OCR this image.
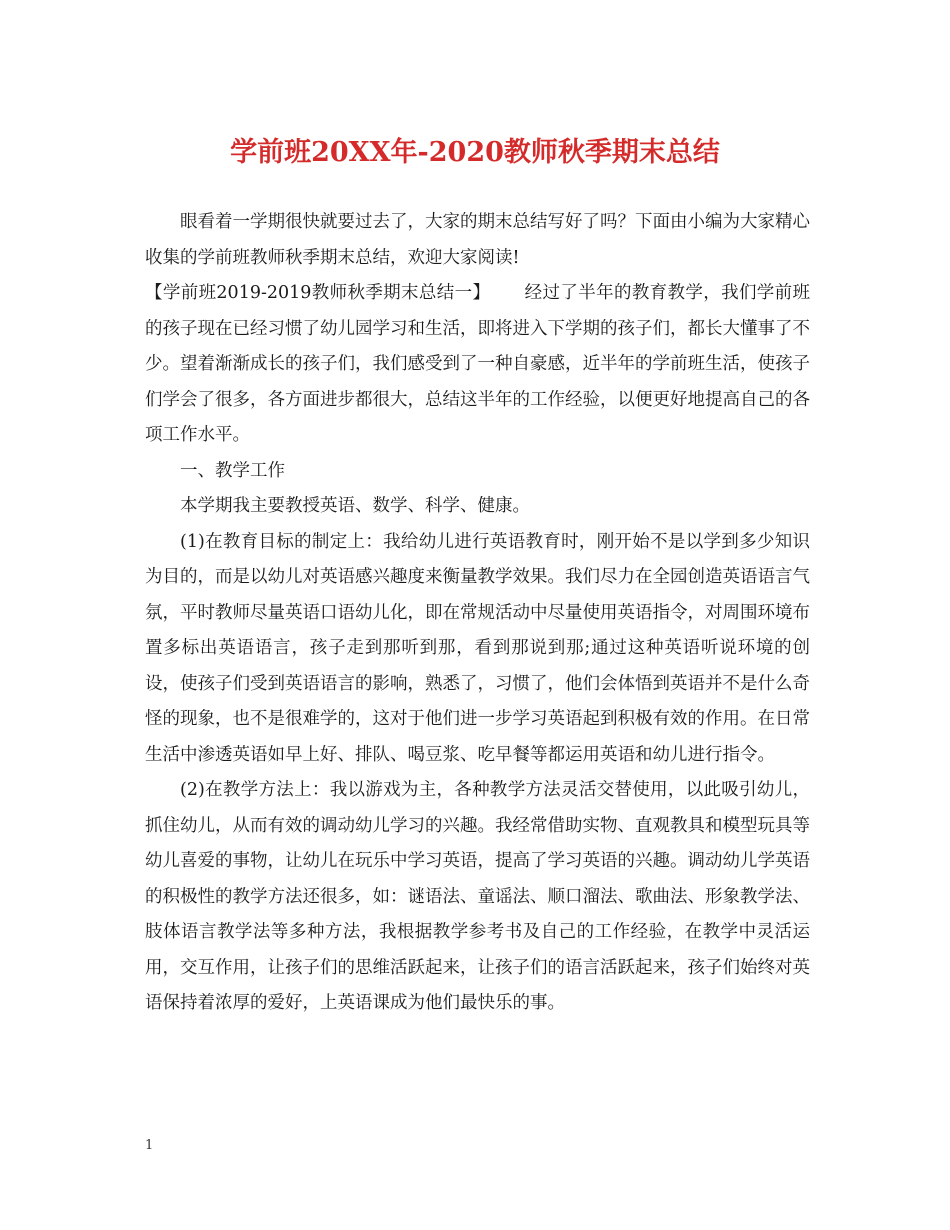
学前班20XX年-2020教师秋季期末总结

眼看着一学期很快就要过去了，大家的期末总结写好了吗？下面由小编为大家精心收集的学前班教师秋季期末总结，欢迎大家阅读!

【学前班2019-2019教师秋季期末总结一】 经过了半年的教育教学，我们学前班的孩子现在已经习惯了幼儿园学习和生活，即将进入下学期的孩子们，都长大懂事了不少。望着渐渐成长的孩子们，我们感受到了一种自豪感，近半年的学前班生活，使孩子们学会了很多，各方面进步都很大，总结这半年的工作经验，以便更好地提高自己的各项工作水平。

一、教学工作

本学期我主要教授英语、数学、科学、健康。

(1)在教育目标的制定上：我给幼儿进行英语教育时，刚开始不是以学到多少知识为目的，而是以幼儿对英语感兴趣度来衡量教学效果。我们尽力在全园创造英语语言气氛，平时教师尽量英语口语幼儿化，即在常规活动中尽量使用英语指令，对周围环境布置多标出英语语言，孩子走到那听到那，看到那说到那;通过这种英语听说环境的创设，使孩子们受到英语语言的影响，熟悉了，习惯了，他们会体悟到英语并不是什么奇怪的现象，也不是很难学的，这对于他们进一步学习英语起到积极有效的作用。在日常生活中渗透英语如早上好、排队、喝豆浆、吃早餐等都运用英语和幼儿进行指令。

(2)在教学方法上：我以游戏为主，各种教学方法灵活交替使用，以此吸引幼儿，抓住幼儿，从而有效的调动幼儿学习的兴趣。我经常借助实物、直观教具和模型玩具等幼儿喜爱的事物，让幼儿在玩乐中学习英语，提高了学习英语的兴趣。调动幼儿学英语的积极性的教学方法还很多，如：谜语法、童谣法、顺口溜法、歌曲法、形象教学法、肢体语言教学法等多种方法，我根据教学参考书及自己的工作经验，在教学中灵活运用，交互作用，让孩子们的思维活跃起来，让孩子们的语言活跃起来，孩子们始终对英语保持着浓厚的爱好，上英语课成为他们最快乐的事。

1
